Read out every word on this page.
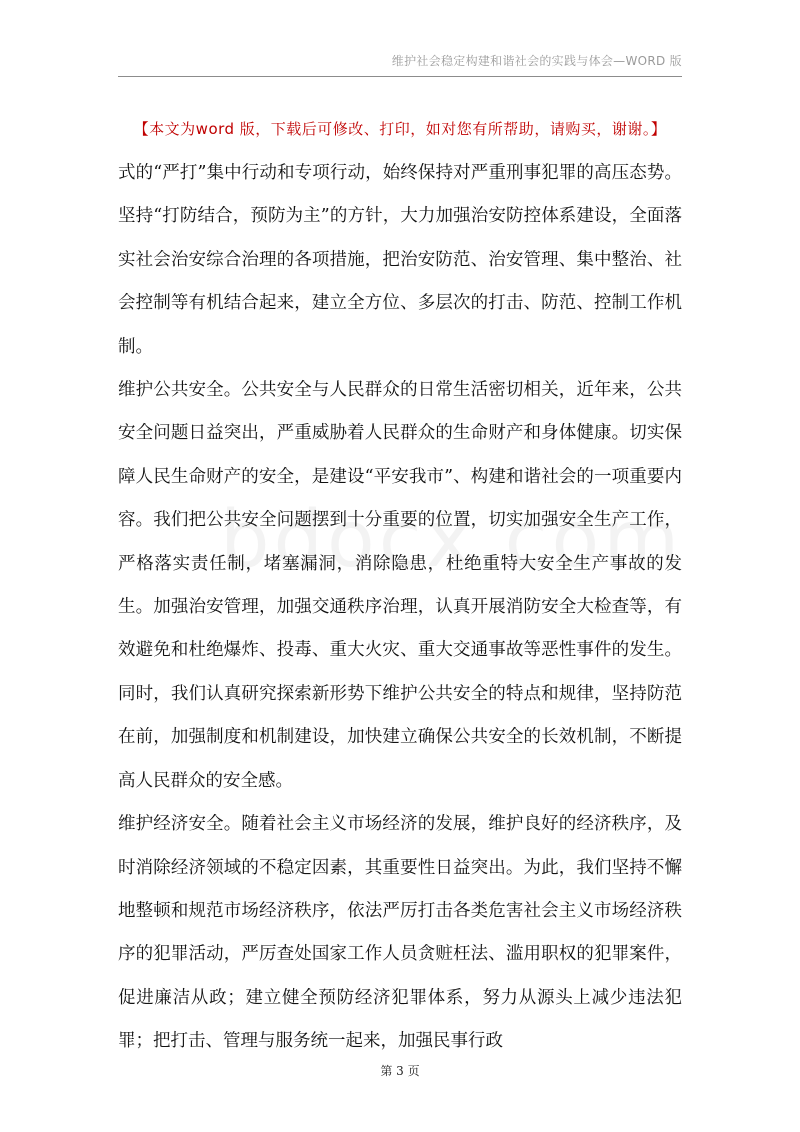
维护社会稳定构建和谐社会的实践与体会—WORD 版
【本文为word 版，下载后可修改、打印，如对您有所帮助，请购买，谢谢。】

式的“严打”集中行动和专项行动，始终保持对严重刑事犯罪的高压态势。坚持“打防结合，预防为主”的方针，大力加强治安防控体系建设，全面落实社会治安综合治理的各项措施，把治安防范、治安管理、集中整治、社会控制等有机结合起来，建立全方位、多层次的打击、防范、控制工作机制。

维护公共安全。公共安全与人民群众的日常生活密切相关，近年来，公共安全问题日益突出，严重威胁着人民群众的生命财产和身体健康。切实保障人民生命财产的安全，是建设“平安我市”、构建和谐社会的一项重要内容。我们把公共安全问题摆到十分重要的位置，切实加强安全生产工作，严格落实责任制，堵塞漏洞，消除隐患，杜绝重特大安全生产事故的发生。加强治安管理，加强交通秩序治理，认真开展消防安全大检查等，有效避免和杜绝爆炸、投毒、重大火灾、重大交通事故等恶性事件的发生。同时，我们认真研究探索新形势下维护公共安全的特点和规律，坚持防范在前，加强制度和机制建设，加快建立确保公共安全的长效机制，不断提高人民群众的安全感。

维护经济安全。随着社会主义市场经济的发展，维护良好的经济秩序，及时消除经济领域的不稳定因素，其重要性日益突出。为此，我们坚持不懈地整顿和规范市场经济秩序，依法严厉打击各类危害社会主义市场经济秩序的犯罪活动，严厉查处国家工作人员贪赃枉法、滥用职权的犯罪案件，促进廉洁从政；建立健全预防经济犯罪体系，努力从源头上减少违法犯罪；把打击、管理与服务统一起来，加强民事行政

第 3 页
